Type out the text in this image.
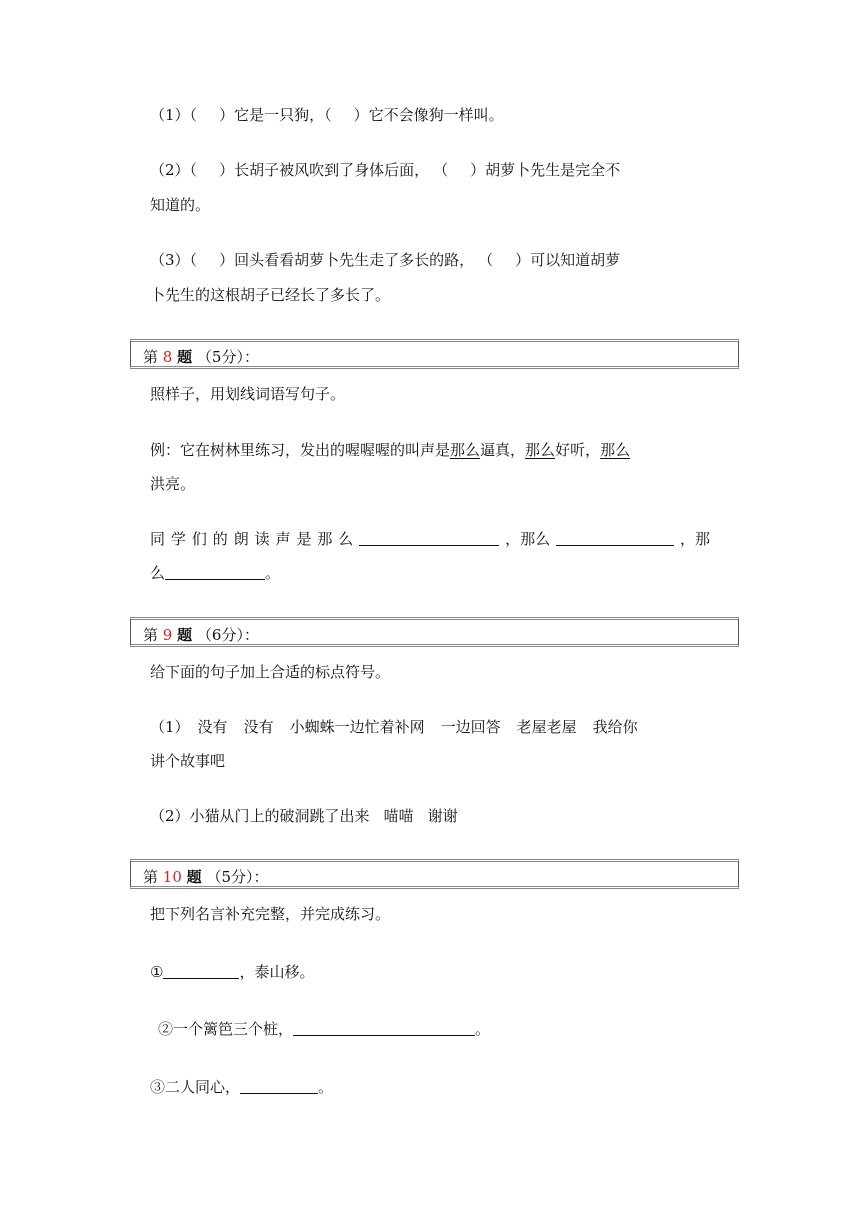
（1）（ ）它是一只狗，（ ）它不会像狗一样叫。

（2）（ ）长胡子被风吹到了身体后面， （ ）胡萝卜先生是完全不

知道的。

（3）（ ）回头看看胡萝卜先生走了多长的路， （ ）可以知道胡萝

卜先生的这根胡子已经长了多长了。

第 8 题 （5分）：

照样子，用划线词语写句子。

例：它在树林里练习，发出的喔喔喔的叫声是那么逼真，那么好听，那么

洪亮。

同 学 们 的 朗 读 声 是 那 么	，那么	，那

么	。

第 9 题 （6分）：

给下面的句子加上合适的标点符号。

（1） 没有 没有 小蜘蛛一边忙着补网 一边回答 老屋老屋 我给你

讲个故事吧

（2）小猫从门上的破洞跳了出来 喵喵 谢谢

第 10 题 （5分）：

把下列名言补充完整，并完成练习。

①	，泰山移。

②一个篱笆三个桩，	。

③二人同心，	。
